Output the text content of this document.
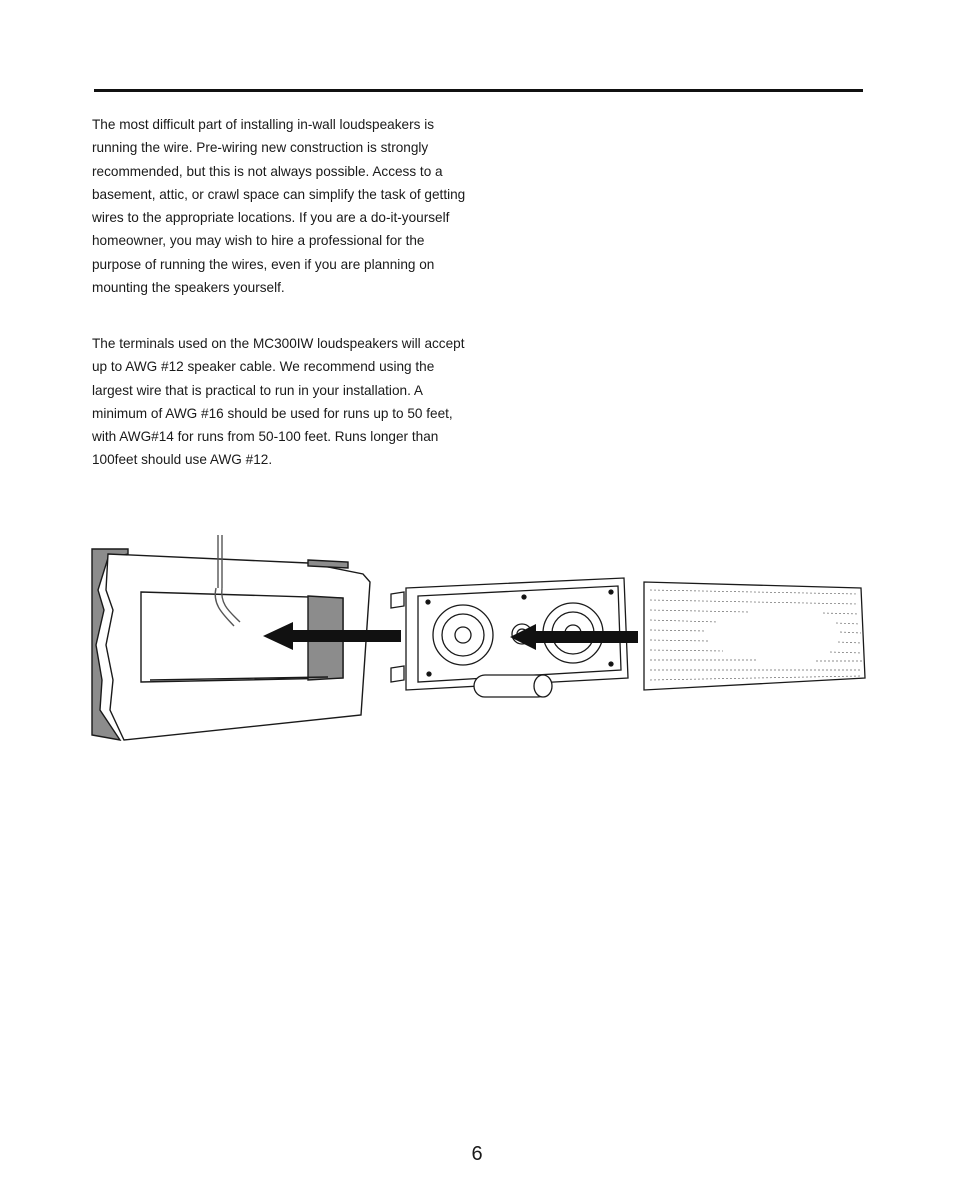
The most difficult part of installing in-wall loudspeakers is running the wire. Pre-wiring new construction is strongly recommended, but this is not always possible. Access to a basement, attic, or crawl space can simplify the task of getting wires to the appropriate locations. If you are a do-it-yourself homeowner, you may wish to hire a professional for the purpose of running the wires, even if you are planning on mounting the speakers yourself.

The terminals used on the MC300IW loudspeakers will accept up to AWG #12 speaker cable. We recommend using the largest wire that is practical to run in your installation. A minimum of AWG #16 should be used for runs up to 50 feet, with AWG#14 for runs from 50-100 feet. Runs longer than 100feet should use AWG #12.

6
